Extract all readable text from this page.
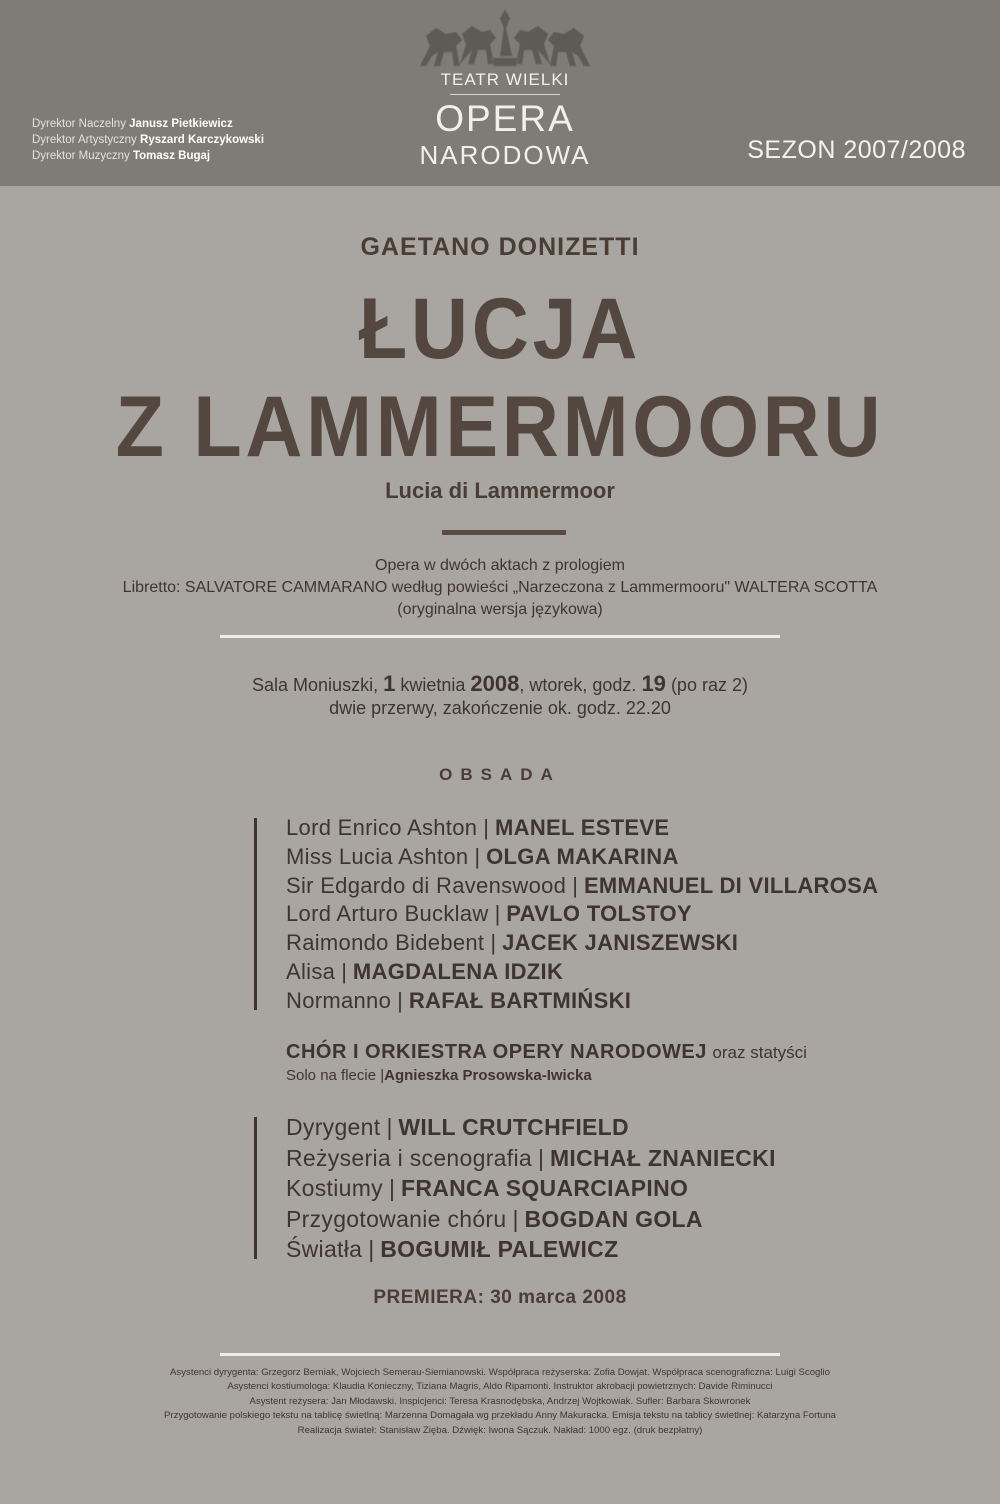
Dyrektor Naczelny Janusz Pietkiewicz
Dyrektor Artystyczny Ryszard Karczykowski
Dyrektor Muzyczny Tomasz Bugaj
TEATR WIELKI
OPERA
NARODOWA	SEZON 2007/2008
GAETANO DONIZETTI
ŁUCJA
Z LAMMERMOORU
Lucia di Lammermoor
Opera w dwóch aktach z prologiem
Libretto: SALVATORE CAMMARANO według powieści „Narzeczona z Lammermooru" WALTERA SCOTTA
(oryginalna wersja językowa)
Sala Moniuszki, 1 kwietnia 2008, wtorek, godz. 19 (po raz 2)
dwie przerwy, zakończenie ok. godz. 22.20
OBSADA
Lord Enrico Ashton | MANEL ESTEVE
Miss Lucia Ashton | OLGA MAKARINA
Sir Edgardo di Ravenswood | EMMANUEL DI VILLAROSA
Lord Arturo Bucklaw | PAVLO TOLSTOY
Raimondo Bidebent | JACEK JANISZEWSKI
Alisa | MAGDALENA IDZIK
Normanno | RAFAŁ BARTMIŃSKI
CHÓR I ORKIESTRA OPERY NARODOWEJ oraz statyści
Solo na flecie |Agnieszka Prosowska-Iwicka
Dyrygent | WILL CRUTCHFIELD
Reżyseria i scenografia | MICHAŁ ZNANIECKI
Kostiumy | FRANCA SQUARCIAPINO
Przygotowanie chóru | BOGDAN GOLA
Światła | BOGUMIŁ PALEWICZ
PREMIERA: 30 marca 2008
Asystenci dyrygenta: Grzegorz Berniak, Wojciech Semerau-Siemianowski. Współpraca reżyserska: Zofia Dowjat. Współpraca scenograficzna: Luigi Scoglio
Asystenci kostiumologa: Klaudia Konieczny, Tiziana Magris, Aldo Ripamonti. Instruktor akrobacji powietrznych: Davide Riminucci
Asystent reżysera: Jan Młodawski. Inspicjenci: Teresa Krasnodębska, Andrzej Wojtkowiak. Sufler: Barbara Skowronek
Przygotowanie polskiego tekstu na tablicę świetlną: Marzenna Domagała wg przekładu Anny Makuracka. Emisja tekstu na tablicy świetlnej: Katarzyna Fortuna
Realizacja świateł: Stanisław Zięba. Dźwięk: Iwona Sączuk. Nakład: 1000 egz. (druk bezpłatny)
